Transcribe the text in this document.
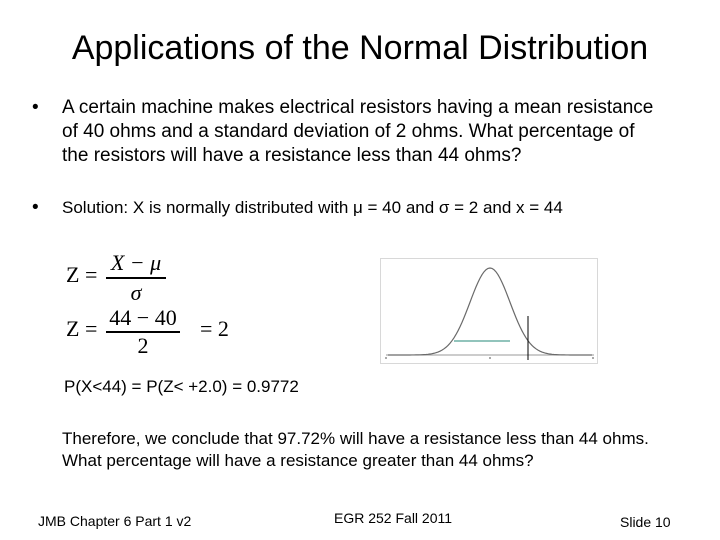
Applications of the Normal Distribution
• A certain machine makes electrical resistors having a mean resistance of 40 ohms and a standard deviation of 2 ohms. What percentage of the resistors will have a resistance less than 44 ohms?
• Solution: X is normally distributed with μ = 40 and σ = 2 and x = 44
Z = X − μ
σ
Z = 44 − 40
2
= 2
P(X<44) = P(Z< +2.0) = 0.9772
Therefore, we conclude that 97.72% will have a resistance less than 44 ohms. What percentage will have a resistance greater than 44 ohms?
JMB Chapter 6 Part 1 v2	EGR 252 Fall 2011	Slide 10
